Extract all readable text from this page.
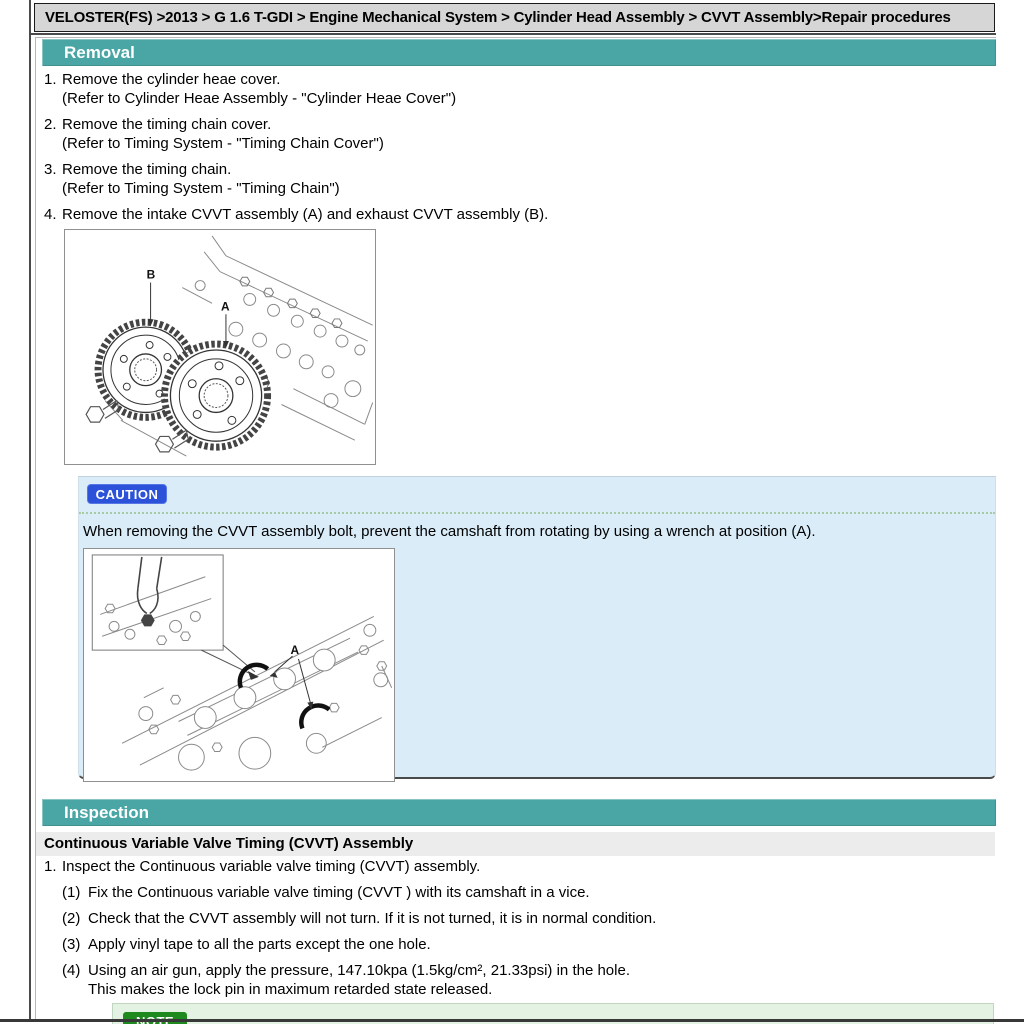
VELOSTER(FS) >2013 > G 1.6 T-GDI > Engine Mechanical System > Cylinder Head Assembly > CVVT Assembly>Repair procedures
Removal
1. Remove the cylinder heae cover.
(Refer to Cylinder Heae Assembly - "Cylinder Heae Cover")
2. Remove the timing chain cover.
(Refer to Timing System - "Timing Chain Cover")
3. Remove the timing chain.
(Refer to Timing System - "Timing Chain")
4. Remove the intake CVVT assembly (A) and exhaust CVVT assembly (B).
B
A
CAUTION
When removing the CVVT assembly bolt, prevent the camshaft from rotating by using a wrench at position (A).
A
Inspection
Continuous Variable Valve Timing (CVVT) Assembly
1. Inspect the Continuous variable valve timing (CVVT) assembly.
(1) Fix the Continuous variable valve timing (CVVT ) with its camshaft in a vice.
(2) Check that the CVVT assembly will not turn. If it is not turned, it is in normal condition.
(3) Apply vinyl tape to all the parts except the one hole.
(4) Using an air gun, apply the pressure, 147.10kpa (1.5kg/cm², 21.33psi) in the hole.
This makes the lock pin in maximum retarded state released.
